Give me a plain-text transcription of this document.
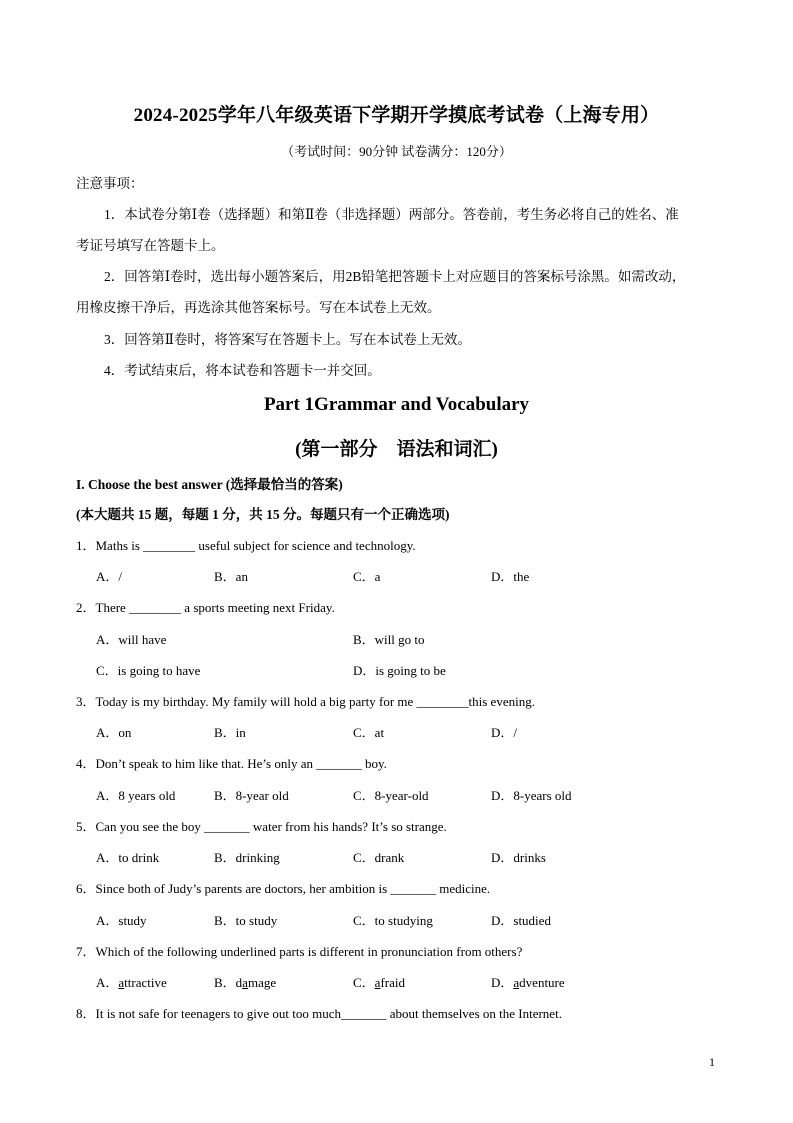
2024-2025学年八年级英语下学期开学摸底考试卷（上海专用）
（考试时间：90分钟 试卷满分：120分）
注意事项：
1．本试卷分第Ⅰ卷（选择题）和第Ⅱ卷（非选择题）两部分。答卷前，考生务必将自己的姓名、准
考证号填写在答题卡上。
2．回答第Ⅰ卷时，选出每小题答案后，用2B铅笔把答题卡上对应题目的答案标号涂黑。如需改动，
用橡皮擦干净后，再选涂其他答案标号。写在本试卷上无效。
3．回答第Ⅱ卷时，将答案写在答题卡上。写在本试卷上无效。
4．考试结束后，将本试卷和答题卡一并交回。
Part 1Grammar and Vocabulary
(第一部分　语法和词汇)
I. Choose the best answer (选择最恰当的答案)
(本大题共 15 题，每题 1 分，共 15 分。每题只有一个正确选项)
1．Maths is ________ useful subject for science and technology.
A．/	B．an	C．a	D．the
2．There ________ a sports meeting next Friday.
A．will have	B．will go to
C．is going to have	D．is going to be
3．Today is my birthday. My family will hold a big party for me ________this evening.
A．on	B．in	C．at	D．/
4．Don’t speak to him like that. He’s only an _______ boy.
A．8 years old	B．8-year old	C．8-year-old	D．8-years old
5．Can you see the boy _______ water from his hands? It’s so strange.
A．to drink	B．drinking	C．drank	D．drinks
6．Since both of Judy’s parents are doctors, her ambition is _______ medicine.
A．study	B．to study	C．to studying	D．studied
7．Which of the following underlined parts is different in pronunciation from others?
A．attractive	B．damage	C．afraid	D．adventure
8．It is not safe for teenagers to give out too much_______ about themselves on the Internet.
1
